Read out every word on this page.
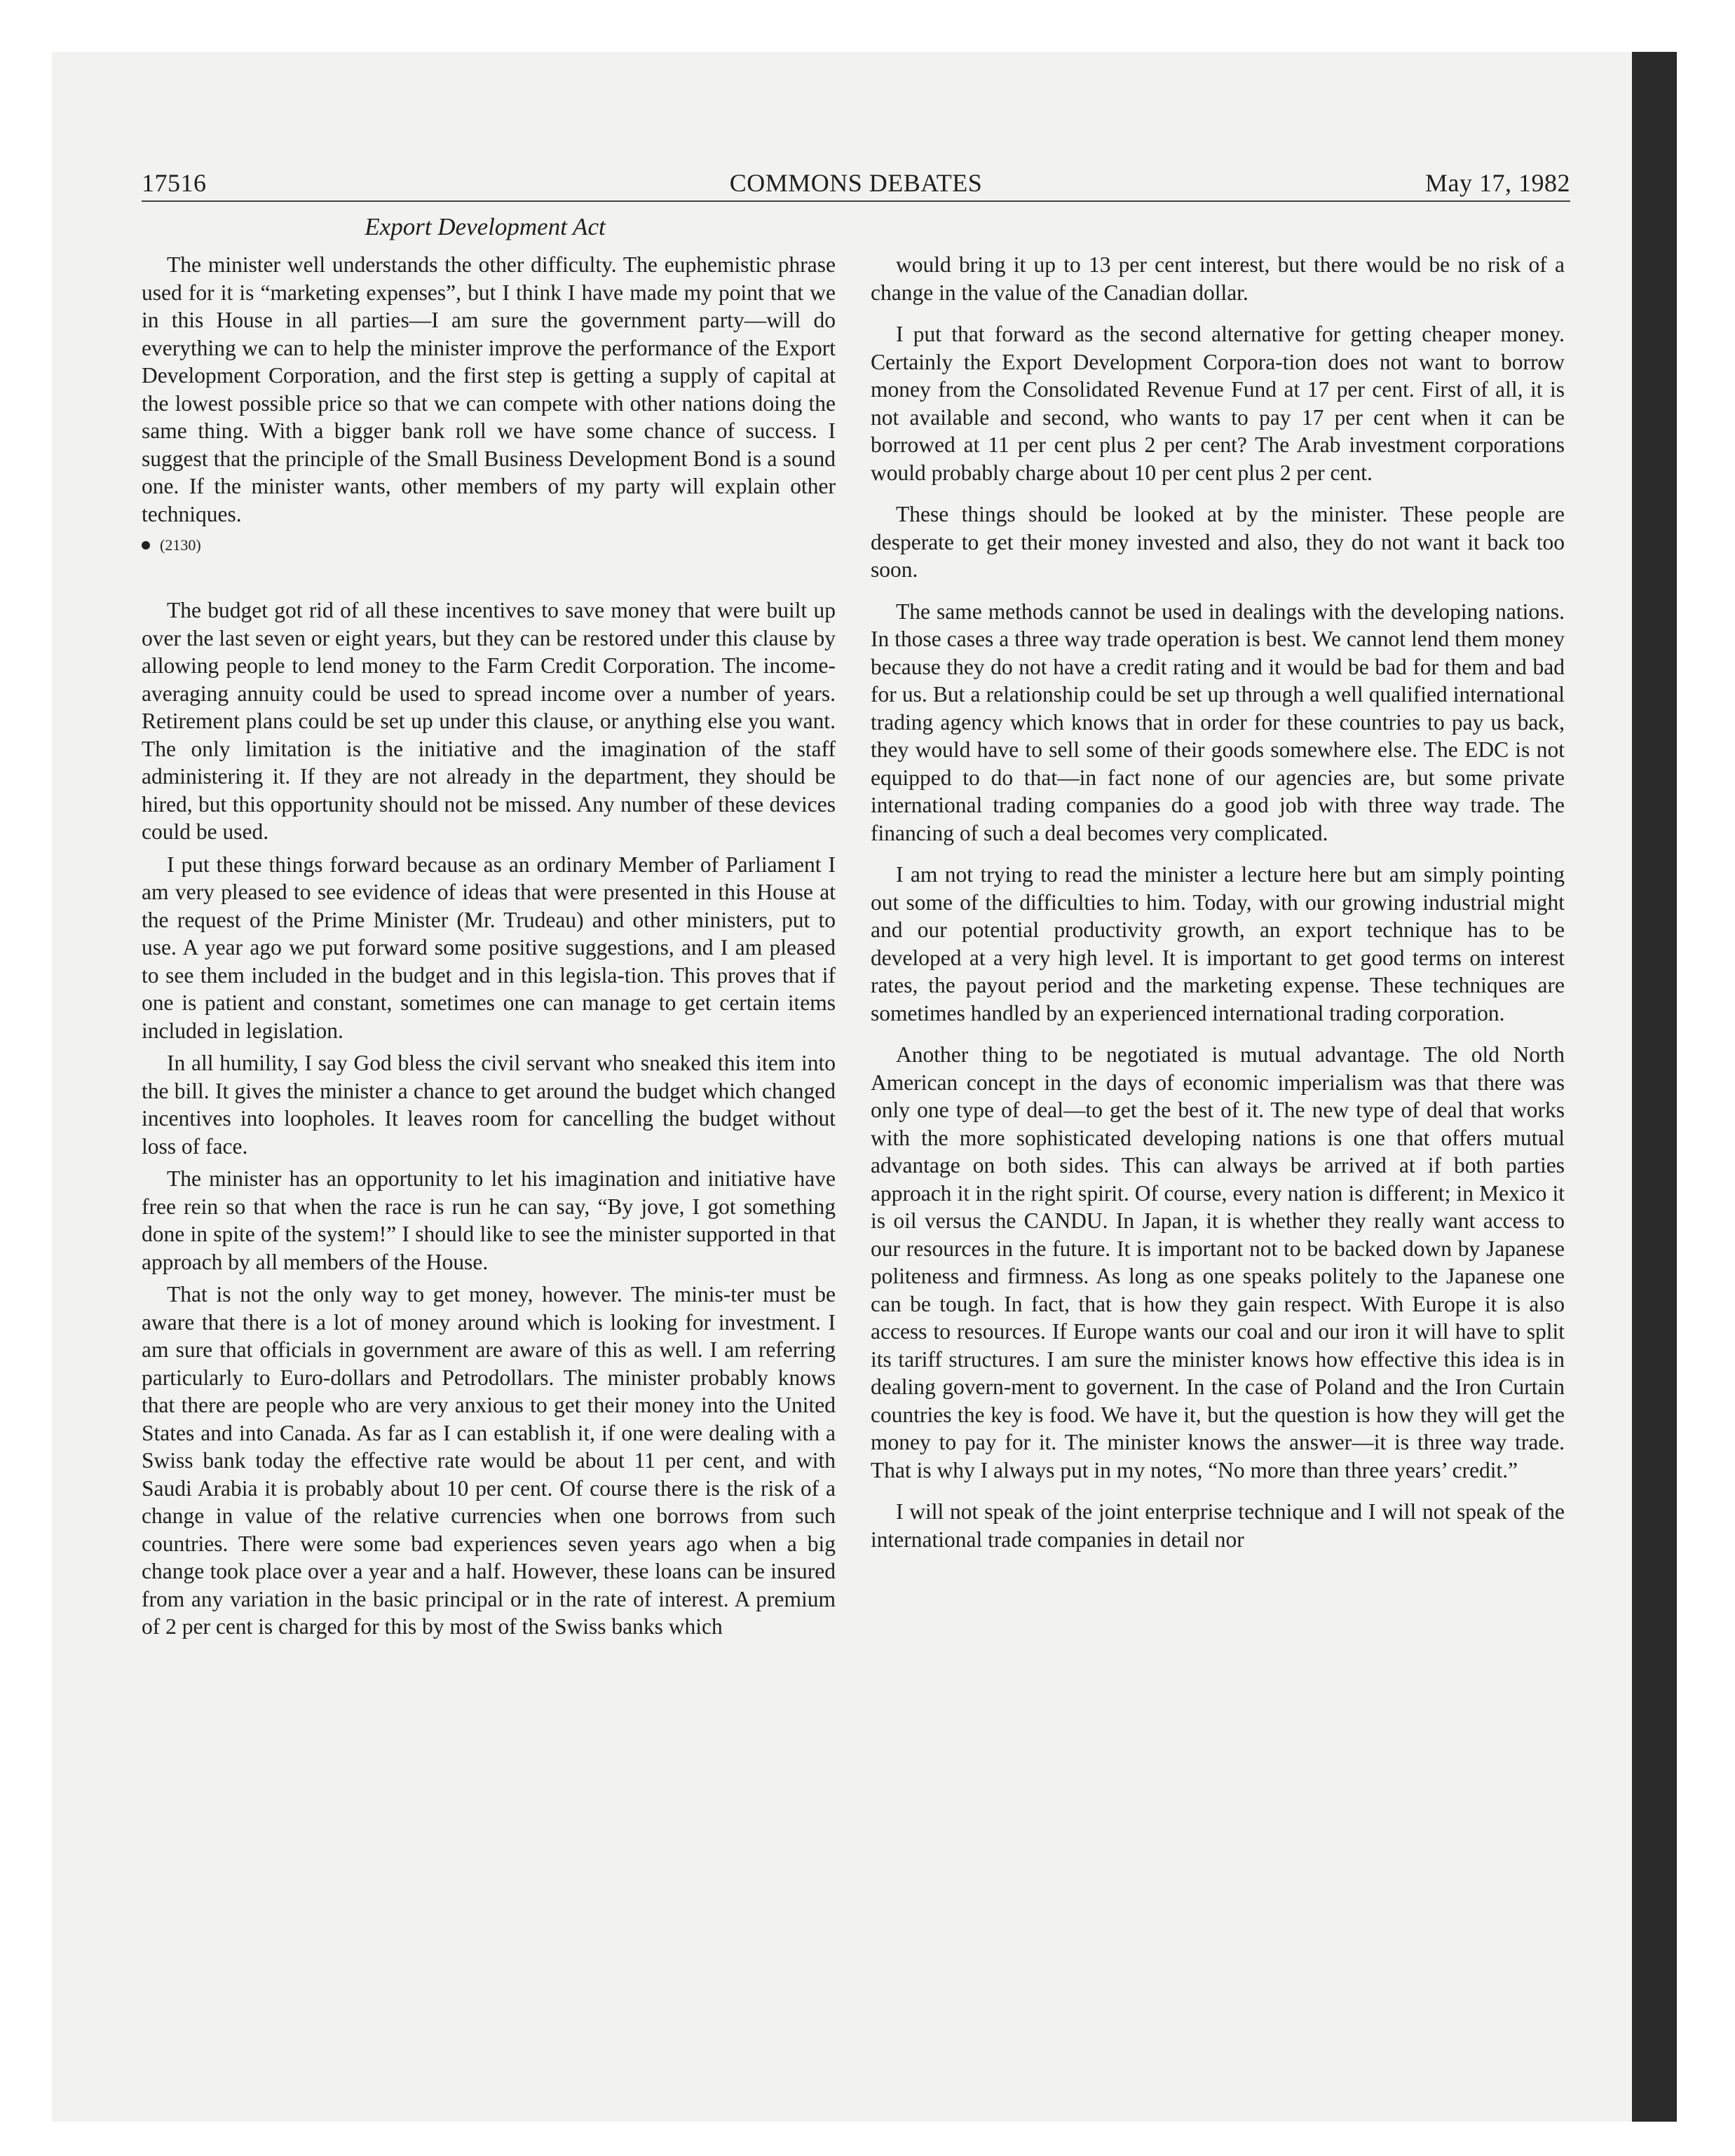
17516	COMMONS DEBATES	May 17, 1982
Export Development Act

The minister well understands the other difficulty. The euphemistic phrase used for it is “marketing expenses”, but I think I have made my point that we in this House in all parties—I am sure the government party—will do everything we can to help the minister improve the performance of the Export Development Corporation, and the first step is getting a supply of capital at the lowest possible price so that we can compete with other nations doing the same thing. With a bigger bank roll we have some chance of success. I suggest that the principle of the Small Business Development Bond is a sound one. If the minister wants, other members of my party will explain other techniques.

(2130)

The budget got rid of all these incentives to save money that were built up over the last seven or eight years, but they can be restored under this clause by allowing people to lend money to the Farm Credit Corporation. The income-averaging annuity could be used to spread income over a number of years. Retirement plans could be set up under this clause, or anything else you want. The only limitation is the initiative and the imagination of the staff administering it. If they are not already in the department, they should be hired, but this opportunity should not be missed. Any number of these devices could be used.

I put these things forward because as an ordinary Member of Parliament I am very pleased to see evidence of ideas that were presented in this House at the request of the Prime Minister (Mr. Trudeau) and other ministers, put to use. A year ago we put forward some positive suggestions, and I am pleased to see them included in the budget and in this legisla-tion. This proves that if one is patient and constant, sometimes one can manage to get certain items included in legislation.

In all humility, I say God bless the civil servant who sneaked this item into the bill. It gives the minister a chance to get around the budget which changed incentives into loopholes. It leaves room for cancelling the budget without loss of face.

The minister has an opportunity to let his imagination and initiative have free rein so that when the race is run he can say, “By jove, I got something done in spite of the system!” I should like to see the minister supported in that approach by all members of the House.

That is not the only way to get money, however. The minis-ter must be aware that there is a lot of money around which is looking for investment. I am sure that officials in government are aware of this as well. I am referring particularly to Euro-dollars and Petrodollars. The minister probably knows that there are people who are very anxious to get their money into the United States and into Canada. As far as I can establish it, if one were dealing with a Swiss bank today the effective rate would be about 11 per cent, and with Saudi Arabia it is probably about 10 per cent. Of course there is the risk of a change in value of the relative currencies when one borrows from such countries. There were some bad experiences seven years ago when a big change took place over a year and a half. However, these loans can be insured from any variation in the basic principal or in the rate of interest. A premium of 2 per cent is charged for this by most of the Swiss banks which

would bring it up to 13 per cent interest, but there would be no risk of a change in the value of the Canadian dollar.

I put that forward as the second alternative for getting cheaper money. Certainly the Export Development Corpora-tion does not want to borrow money from the Consolidated Revenue Fund at 17 per cent. First of all, it is not available and second, who wants to pay 17 per cent when it can be borrowed at 11 per cent plus 2 per cent? The Arab investment corporations would probably charge about 10 per cent plus 2 per cent.

These things should be looked at by the minister. These people are desperate to get their money invested and also, they do not want it back too soon.

The same methods cannot be used in dealings with the developing nations. In those cases a three way trade operation is best. We cannot lend them money because they do not have a credit rating and it would be bad for them and bad for us. But a relationship could be set up through a well qualified international trading agency which knows that in order for these countries to pay us back, they would have to sell some of their goods somewhere else. The EDC is not equipped to do that—in fact none of our agencies are, but some private international trading companies do a good job with three way trade. The financing of such a deal becomes very complicated.

I am not trying to read the minister a lecture here but am simply pointing out some of the difficulties to him. Today, with our growing industrial might and our potential productivity growth, an export technique has to be developed at a very high level. It is important to get good terms on interest rates, the payout period and the marketing expense. These techniques are sometimes handled by an experienced international trading corporation.

Another thing to be negotiated is mutual advantage. The old North American concept in the days of economic imperialism was that there was only one type of deal—to get the best of it. The new type of deal that works with the more sophisticated developing nations is one that offers mutual advantage on both sides. This can always be arrived at if both parties approach it in the right spirit. Of course, every nation is different; in Mexico it is oil versus the CANDU. In Japan, it is whether they really want access to our resources in the future. It is important not to be backed down by Japanese politeness and firmness. As long as one speaks politely to the Japanese one can be tough. In fact, that is how they gain respect. With Europe it is also access to resources. If Europe wants our coal and our iron it will have to split its tariff structures. I am sure the minister knows how effective this idea is in dealing govern-ment to governent. In the case of Poland and the Iron Curtain countries the key is food. We have it, but the question is how they will get the money to pay for it. The minister knows the answer—it is three way trade. That is why I always put in my notes, “No more than three years’ credit.”

I will not speak of the joint enterprise technique and I will not speak of the international trade companies in detail nor
